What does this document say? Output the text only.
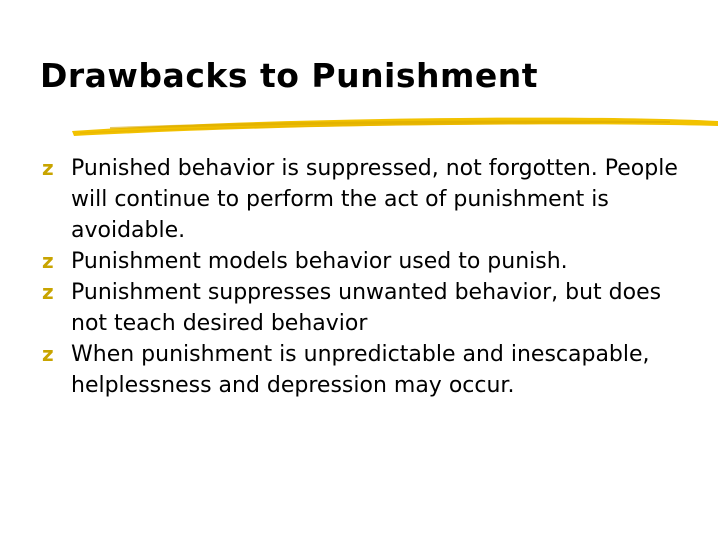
Drawbacks to Punishment
z Punished behavior is suppressed, not forgotten. People will continue to perform the act of punishment is avoidable.
z Punishment models behavior used to punish.
z Punishment suppresses unwanted behavior, but does not teach desired behavior
z When punishment is unpredictable and inescapable, helplessness and depression may occur.
